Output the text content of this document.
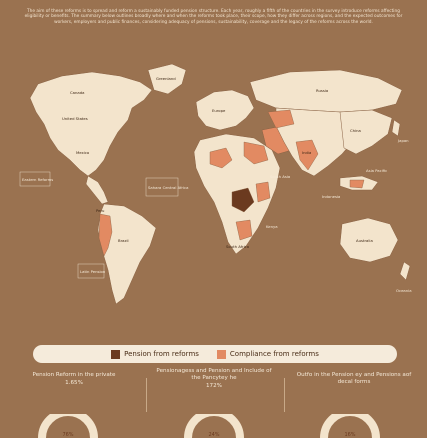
The aim of these reforms is to spread and reform a sustainably funded pension structure. Each year, roughly a fifth of the countries in the survey introduce reforms affecting eligibility or benefits. The summary below outlines broadly where and when the reforms took place, their scope, how they differ across regions, and the expected outcomes for workers, employers and public finances, considering adequacy of pensions, sustainability, coverage and the legacy of the reforms across the world.
United States
Canada
Greenland
Eastern Reforms
Mexico
Europe
Sahara Central Africa
Brazil
Peru
Latin Pension
South Africa
Kenya
Russia
China
India
Japan
Asia Pacific
Australia
Oceania
Indonesia
South Asia
Pension from reforms	Compliance from reforms
Pension Reform in the private
1.65%
Pensionagess and Pension and Include of the Pancytey he
172%
Outfo in the Pension ey and Pensions aof decal forms
76%	24%	16%
